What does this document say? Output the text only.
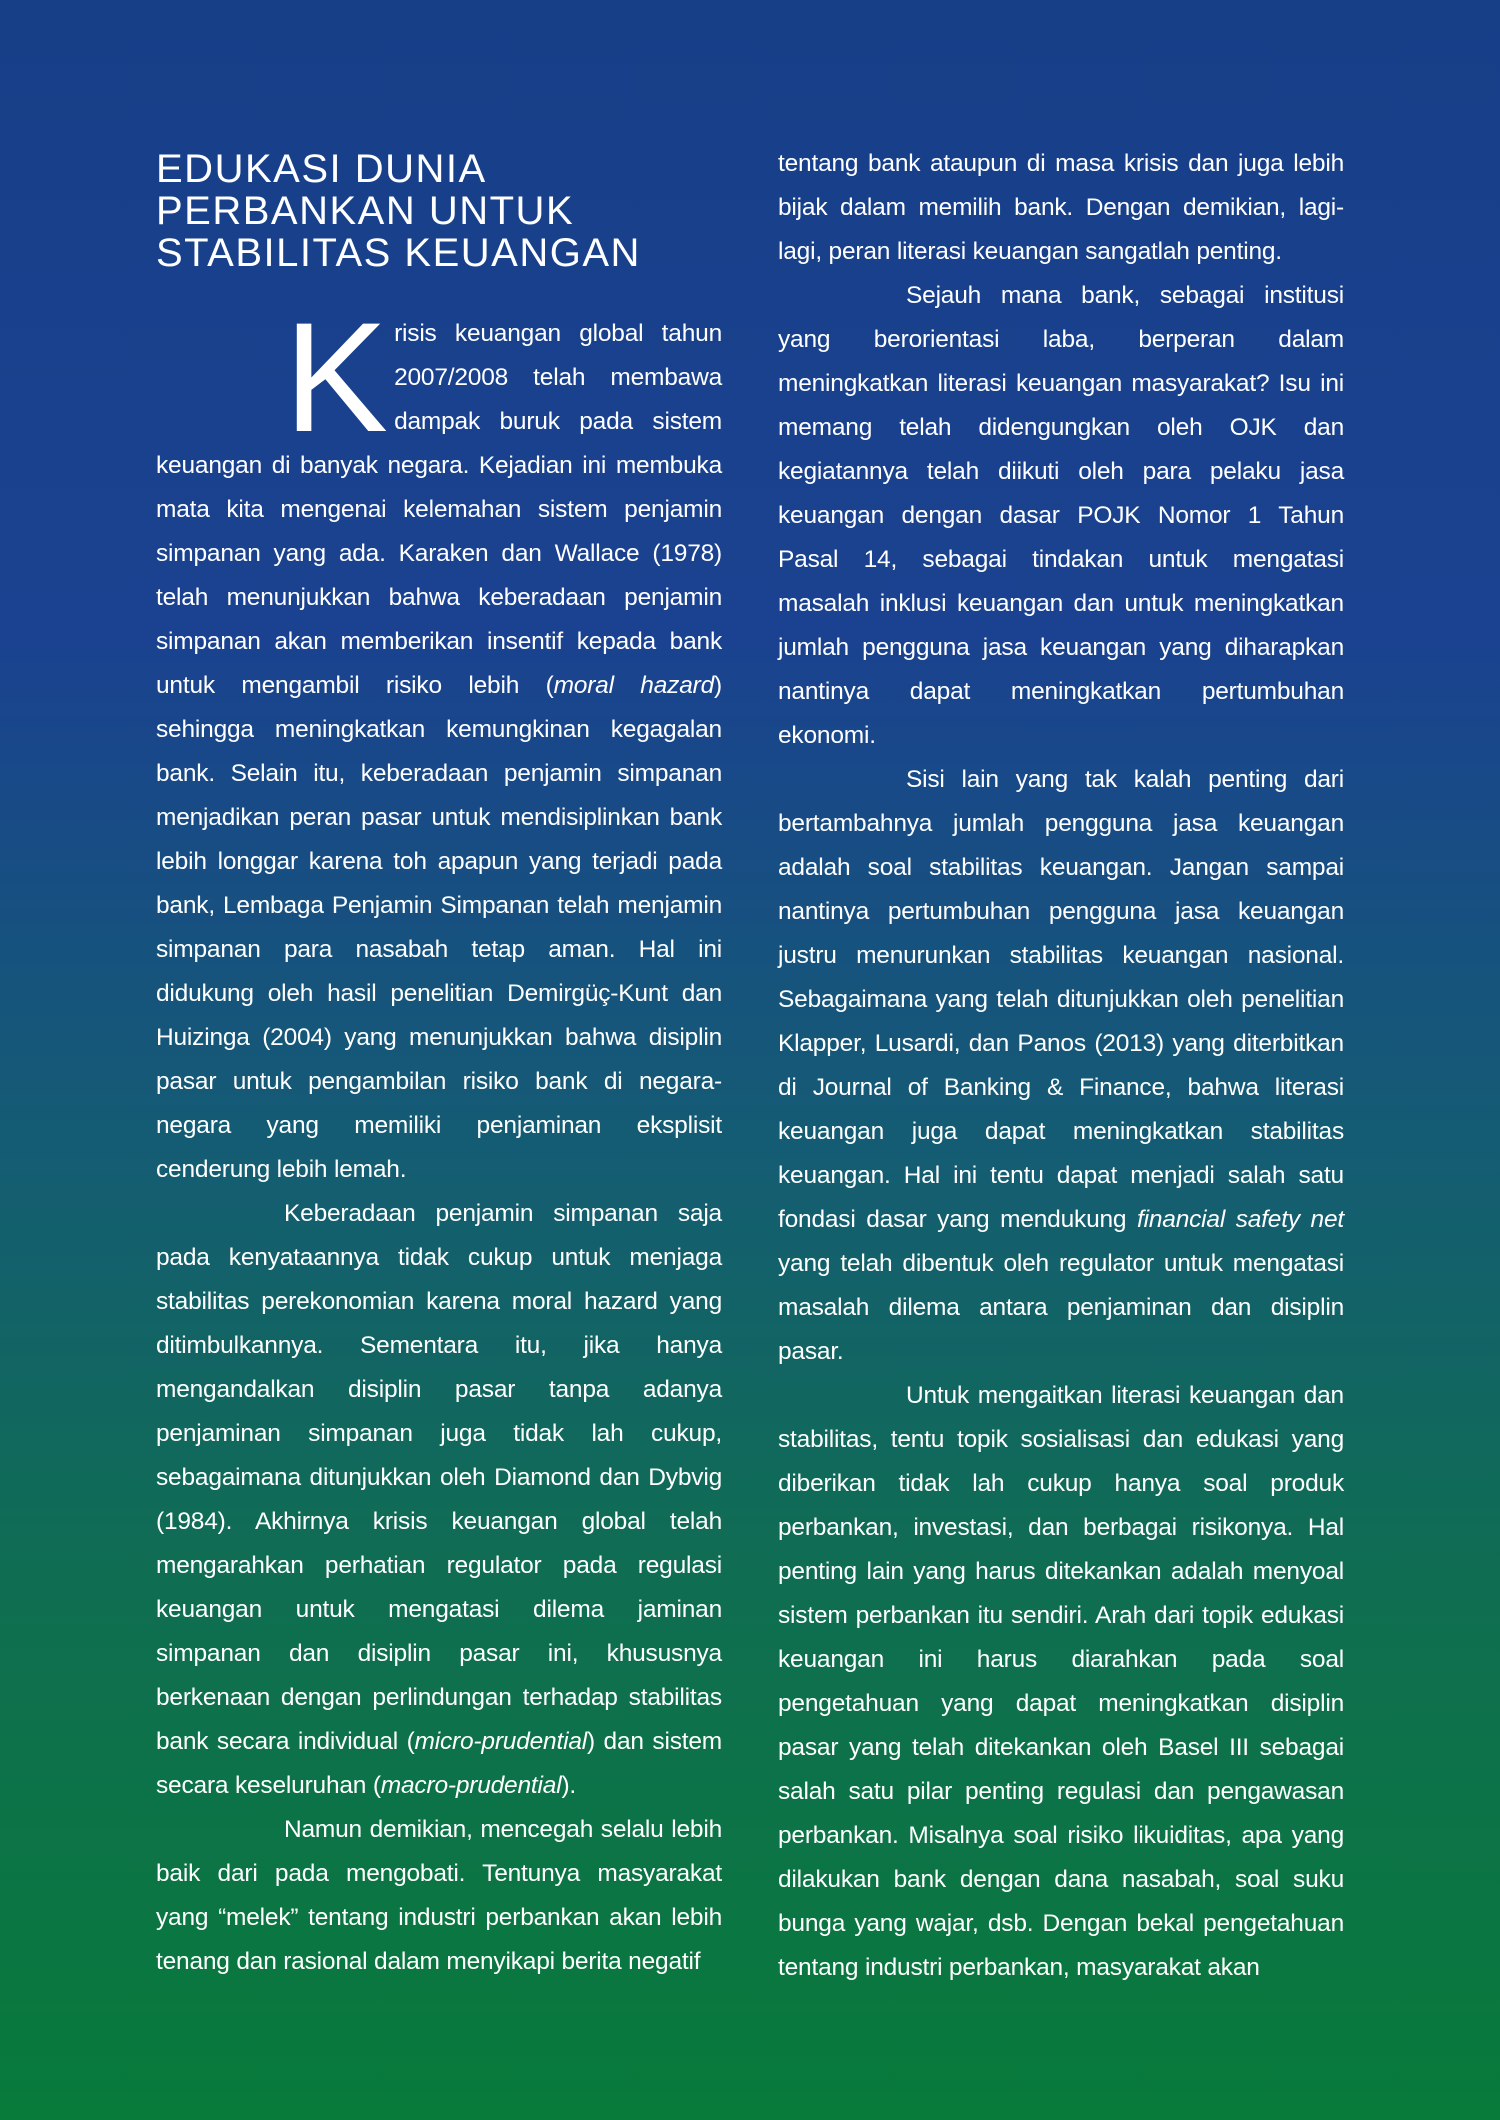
EDUKASI DUNIA
PERBANKAN UNTUK
STABILITAS KEUANGAN

Krisis keuangan global tahun 2007/2008 telah membawa dampak buruk pada sistem keuangan di banyak negara. Kejadian ini membuka mata kita mengenai kelemahan sistem penjamin simpanan yang ada. Karaken dan Wallace (1978) telah menunjukkan bahwa keberadaan penjamin simpanan akan memberikan insentif kepada bank untuk mengambil risiko lebih (moral hazard) sehingga meningkatkan kemungkinan kegagalan bank. Selain itu, keberadaan penjamin simpanan menjadikan peran pasar untuk mendisiplinkan bank lebih longgar karena toh apapun yang terjadi pada bank, Lembaga Penjamin Simpanan telah menjamin simpanan para nasabah tetap aman. Hal ini didukung oleh hasil penelitian Demirgüç-Kunt dan Huizinga (2004) yang menunjukkan bahwa disiplin pasar untuk pengambilan risiko bank di negara-negara yang memiliki penjaminan eksplisit cenderung lebih lemah.

Keberadaan penjamin simpanan saja pada kenyataannya tidak cukup untuk menjaga stabilitas perekonomian karena moral hazard yang ditimbulkannya. Sementara itu, jika hanya mengandalkan disiplin pasar tanpa adanya penjaminan simpanan juga tidak lah cukup, sebagaimana ditunjukkan oleh Diamond dan Dybvig (1984). Akhirnya krisis keuangan global telah mengarahkan perhatian regulator pada regulasi keuangan untuk mengatasi dilema jaminan simpanan dan disiplin pasar ini, khususnya berkenaan dengan perlindungan terhadap stabilitas bank secara individual (micro-prudential) dan sistem secara keseluruhan (macro-prudential).

Namun demikian, mencegah selalu lebih baik dari pada mengobati. Tentunya masyarakat yang “melek” tentang industri perbankan akan lebih tenang dan rasional dalam menyikapi berita negatif

tentang bank ataupun di masa krisis dan juga lebih bijak dalam memilih bank. Dengan demikian, lagi-lagi, peran literasi keuangan sangatlah penting.

Sejauh mana bank, sebagai institusi yang berorientasi laba, berperan dalam meningkatkan literasi keuangan masyarakat? Isu ini memang telah didengungkan oleh OJK dan kegiatannya telah diikuti oleh para pelaku jasa keuangan dengan dasar POJK Nomor 1 Tahun Pasal 14, sebagai tindakan untuk mengatasi masalah inklusi keuangan dan untuk meningkatkan jumlah pengguna jasa keuangan yang diharapkan nantinya dapat meningkatkan pertumbuhan ekonomi.

Sisi lain yang tak kalah penting dari bertambahnya jumlah pengguna jasa keuangan adalah soal stabilitas keuangan. Jangan sampai nantinya pertumbuhan pengguna jasa keuangan justru menurunkan stabilitas keuangan nasional. Sebagaimana yang telah ditunjukkan oleh penelitian Klapper, Lusardi, dan Panos (2013) yang diterbitkan di Journal of Banking & Finance, bahwa literasi keuangan juga dapat meningkatkan stabilitas keuangan. Hal ini tentu dapat menjadi salah satu fondasi dasar yang mendukung financial safety net yang telah dibentuk oleh regulator untuk mengatasi masalah dilema antara penjaminan dan disiplin pasar.

Untuk mengaitkan literasi keuangan dan stabilitas, tentu topik sosialisasi dan edukasi yang diberikan tidak lah cukup hanya soal produk perbankan, investasi, dan berbagai risikonya. Hal penting lain yang harus ditekankan adalah menyoal sistem perbankan itu sendiri. Arah dari topik edukasi keuangan ini harus diarahkan pada soal pengetahuan yang dapat meningkatkan disiplin pasar yang telah ditekankan oleh Basel III sebagai salah satu pilar penting regulasi dan pengawasan perbankan. Misalnya soal risiko likuiditas, apa yang dilakukan bank dengan dana nasabah, soal suku bunga yang wajar, dsb. Dengan bekal pengetahuan tentang industri perbankan, masyarakat akan
